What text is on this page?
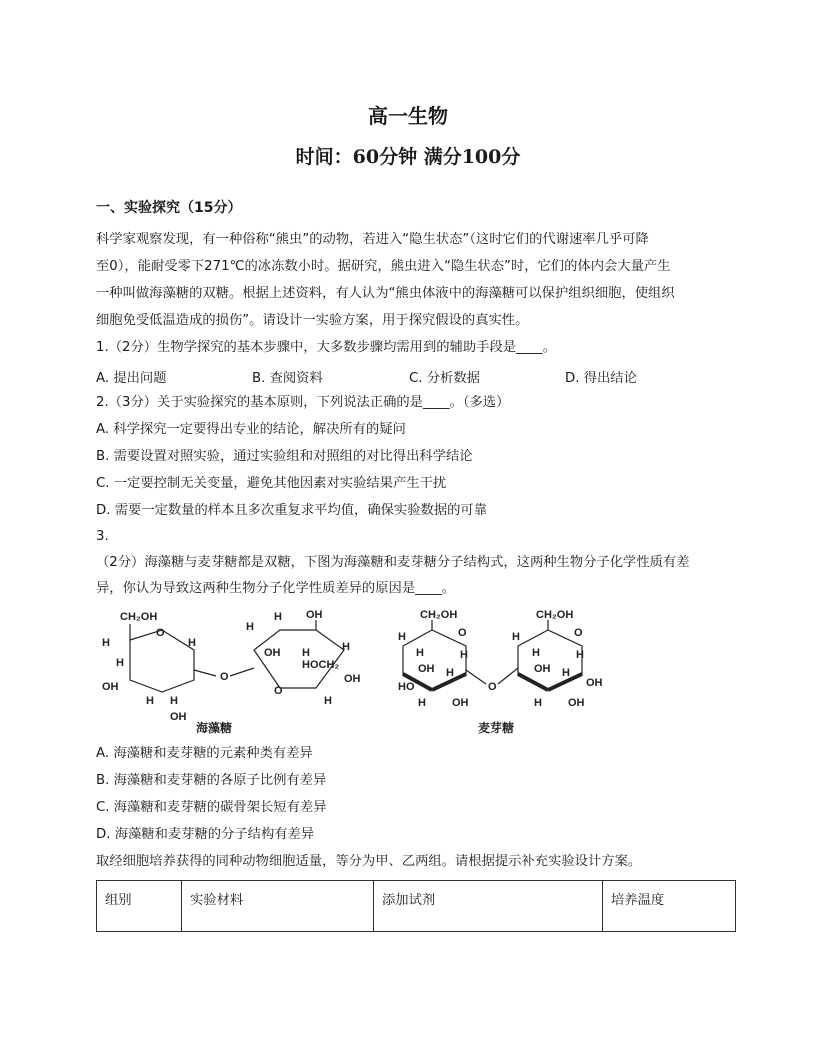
高一生物
时间：60分钟 满分100分
一、实验探究（15分）
科学家观察发现，有一种俗称“熊虫”的动物，若进入“隐生状态”（这时它们的代谢速率几乎可降
至0），能耐受零下271℃的冰冻数小时。据研究，熊虫进入“隐生状态”时，它们的体内会大量产生
一种叫做海藻糖的双糖。根据上述资料，有人认为“熊虫体液中的海藻糖可以保护组织细胞，使组织
细胞免受低温造成的损伤”。请设计一实验方案，用于探究假设的真实性。
1.（2分）生物学探究的基本步骤中，大多数步骤均需用到的辅助手段是____。
A. 提出问题	B. 查阅资料	C. 分析数据	D. 得出结论
2.（3分）关于实验探究的基本原则，下列说法正确的是____。（多选）
A. 科学探究一定要得出专业的结论，解决所有的疑问
B. 需要设置对照实验，通过实验组和对照组的对比得出科学结论
C. 一定要控制无关变量，避免其他因素对实验结果产生干扰
D. 需要一定数量的样本且多次重复求平均值，确保实验数据的可靠
3.
（2分）海藻糖与麦芽糖都是双糖，下图为海藻糖和麦芽糖分子结构式，这两种生物分子化学性质有差
异，你认为导致这两种生物分子化学性质差异的原因是____。
CH₂OH
O
H
H
OH
H H
OH
H
O
H
H OH
OH H
HOCH₂
H
OH
O
H
海藻糖
CH₂OH
O
H
H
OH
HO
H
H
H OH
O
CH₂OH
O
H
H
OH H
H
OH
H OH
麦芽糖
A. 海藻糖和麦芽糖的元素种类有差异
B. 海藻糖和麦芽糖的各原子比例有差异
C. 海藻糖和麦芽糖的碳骨架长短有差异
D. 海藻糖和麦芽糖的分子结构有差异
取经细胞培养获得的同种动物细胞适量，等分为甲、乙两组。请根据提示补充实验设计方案。
组别	实验材料	添加试剂	培养温度
